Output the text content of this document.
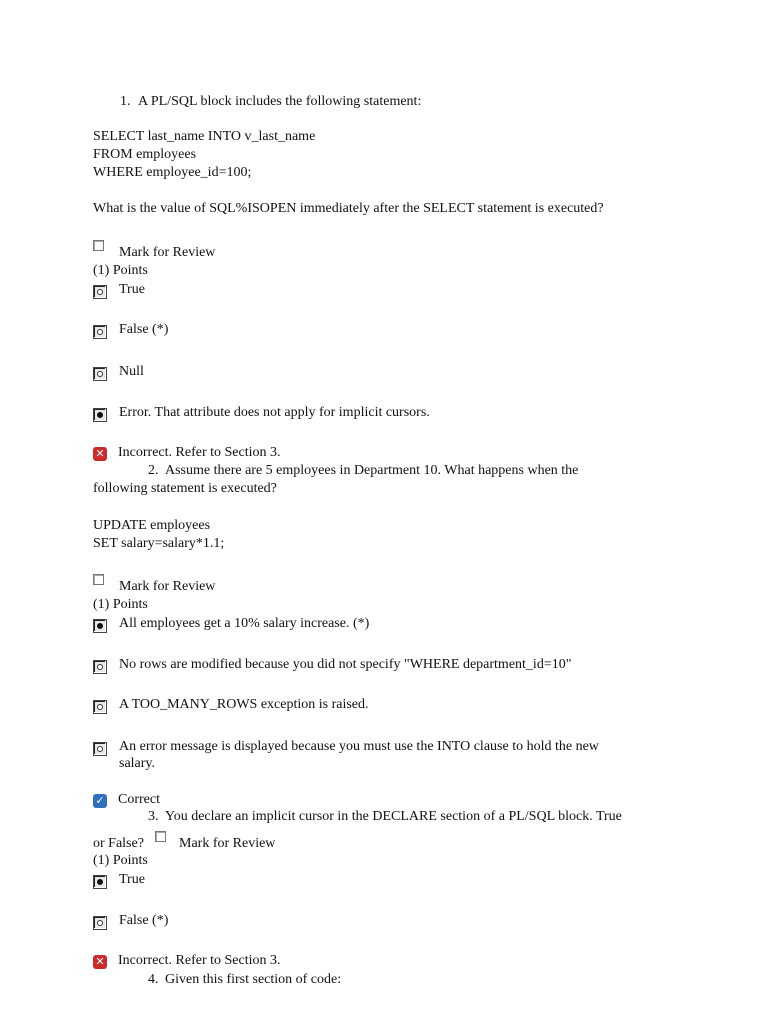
1. A PL/SQL block includes the following statement:
SELECT last_name INTO v_last_name
FROM employees
WHERE employee_id=100;
What is the value of SQL%ISOPEN immediately after the SELECT statement is executed?
Mark for Review
(1) Points
True
False (*)
Null
Error. That attribute does not apply for implicit cursors.
✕ Incorrect. Refer to Section 3.
2. Assume there are 5 employees in Department 10. What happens when the
following statement is executed?
UPDATE employees
SET salary=salary*1.1;
Mark for Review
(1) Points
All employees get a 10% salary increase. (*)
No rows are modified because you did not specify "WHERE department_id=10"
A TOO_MANY_ROWS exception is raised.
An error message is displayed because you must use the INTO clause to hold the new
salary.
✓ Correct
3. You declare an implicit cursor in the DECLARE section of a PL/SQL block. True
or False?	Mark for Review
(1) Points
True
False (*)
✕ Incorrect. Refer to Section 3.
4. Given this first section of code:
